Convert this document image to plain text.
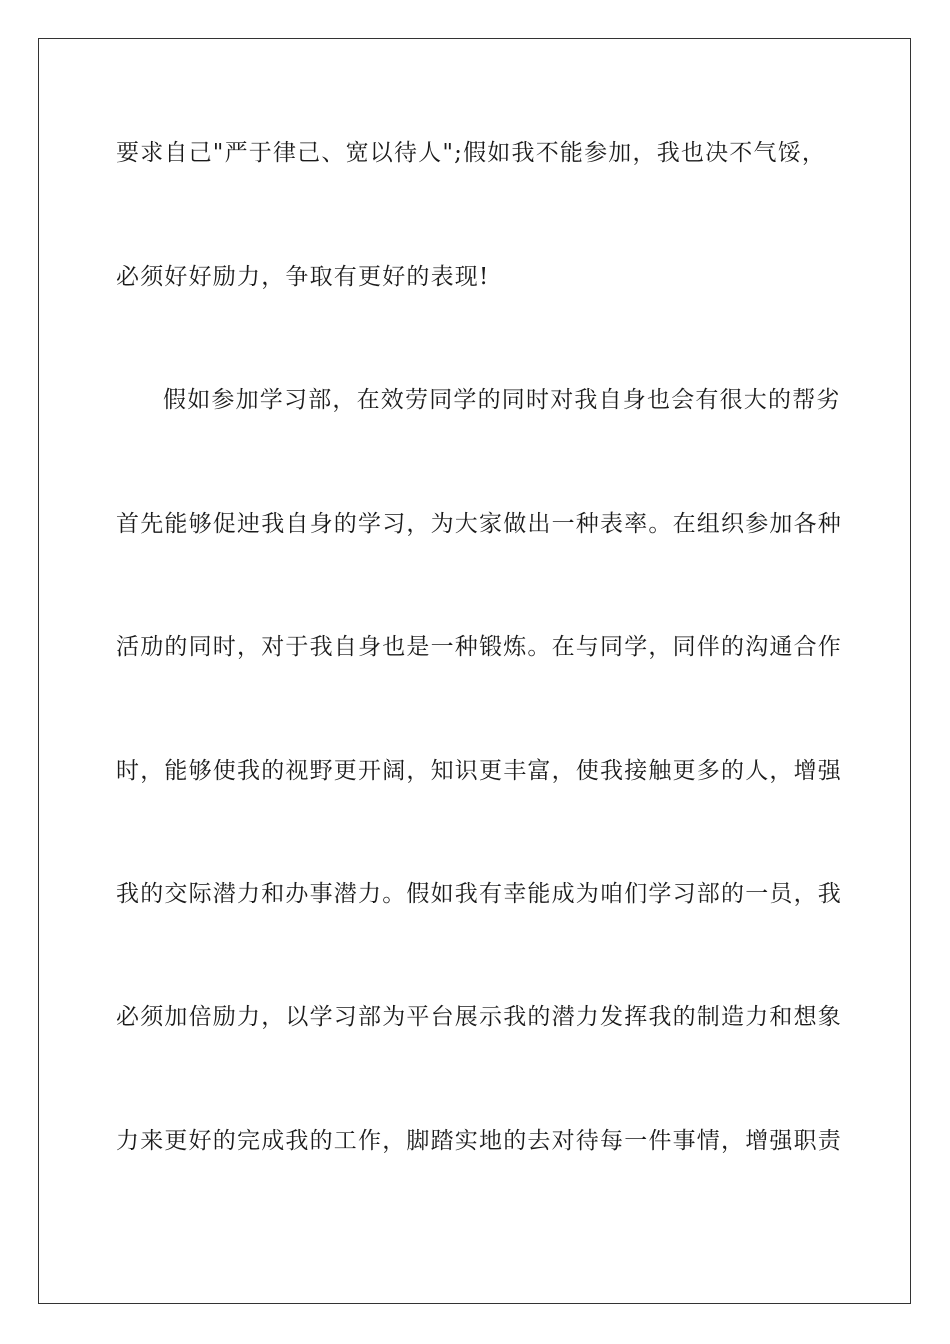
要求自己"严于律己、宽以待人";假如我不能参加，我也决不气馁，
必须好好励力，争取有更好的表现!
假如参加学习部，在效劳同学的同时对我自身也会有很大的帮劣
首先能够促迚我自身的学习，为大家做出一种表率。在组织参加各种
活劢的同时，对于我自身也是一种锻炼。在与同学，同伴的沟通合作
时，能够使我的视野更开阔，知识更丰富，使我接触更多的人，增强
我的交际潜力和办事潜力。假如我有幸能成为咱们学习部的一员，我
必须加倍励力，以学习部为平台展示我的潜力发挥我的制造力和想象
力来更好的完成我的工作，脚踏实地的去对待每一件事情，增强职责
